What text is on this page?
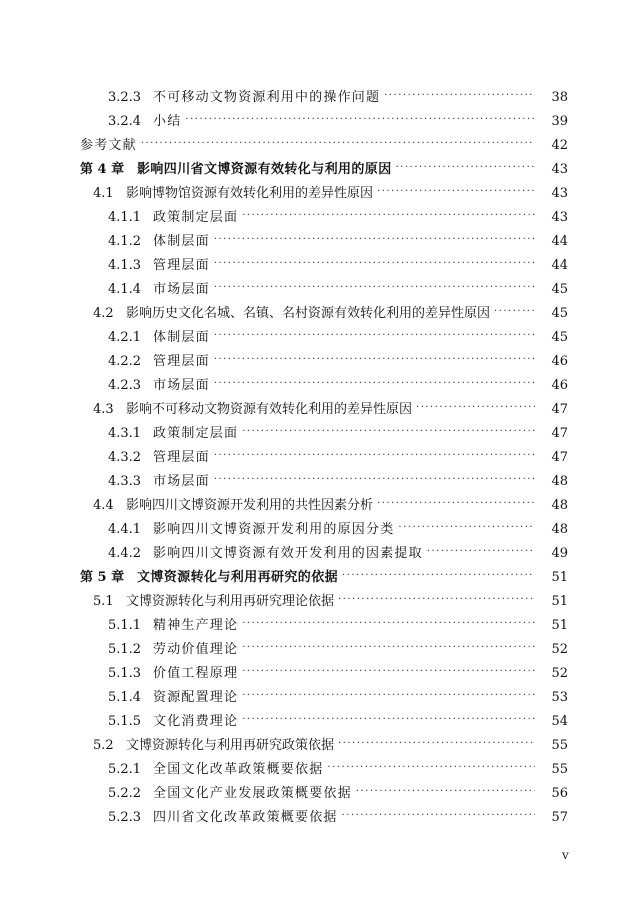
3.2.3 不可移动文物资源利用中的操作问题 ·····	38
3.2.4 小结 ·····	39
参考文献 ·····	42
第 4 章 影响四川省文博资源有效转化与利用的原因 ·····	43
4.1 影响博物馆资源有效转化利用的差异性原因 ·····	43
4.1.1 政策制定层面 ·····	43
4.1.2 体制层面 ·····	44
4.1.3 管理层面 ·····	44
4.1.4 市场层面 ·····	45
4.2 影响历史文化名城、名镇、名村资源有效转化利用的差异性原因 ·····	45
4.2.1 体制层面 ·····	45
4.2.2 管理层面 ·····	46
4.2.3 市场层面 ·····	46
4.3 影响不可移动文物资源有效转化利用的差异性原因 ·····	47
4.3.1 政策制定层面 ·····	47
4.3.2 管理层面 ·····	47
4.3.3 市场层面 ·····	48
4.4 影响四川文博资源开发利用的共性因素分析 ·····	48
4.4.1 影响四川文博资源开发利用的原因分类 ·····	48
4.4.2 影响四川文博资源有效开发利用的因素提取 ·····	49
第 5 章 文博资源转化与利用再研究的依据 ·····	51
5.1 文博资源转化与利用再研究理论依据 ·····	51
5.1.1 精神生产理论 ·····	51
5.1.2 劳动价值理论 ·····	52
5.1.3 价值工程原理 ·····	52
5.1.4 资源配置理论 ·····	53
5.1.5 文化消费理论 ·····	54
5.2 文博资源转化与利用再研究政策依据 ·····	55
5.2.1 全国文化改革政策概要依据 ·····	55
5.2.2 全国文化产业发展政策概要依据 ·····	56
5.2.3 四川省文化改革政策概要依据 ·····	57
v
